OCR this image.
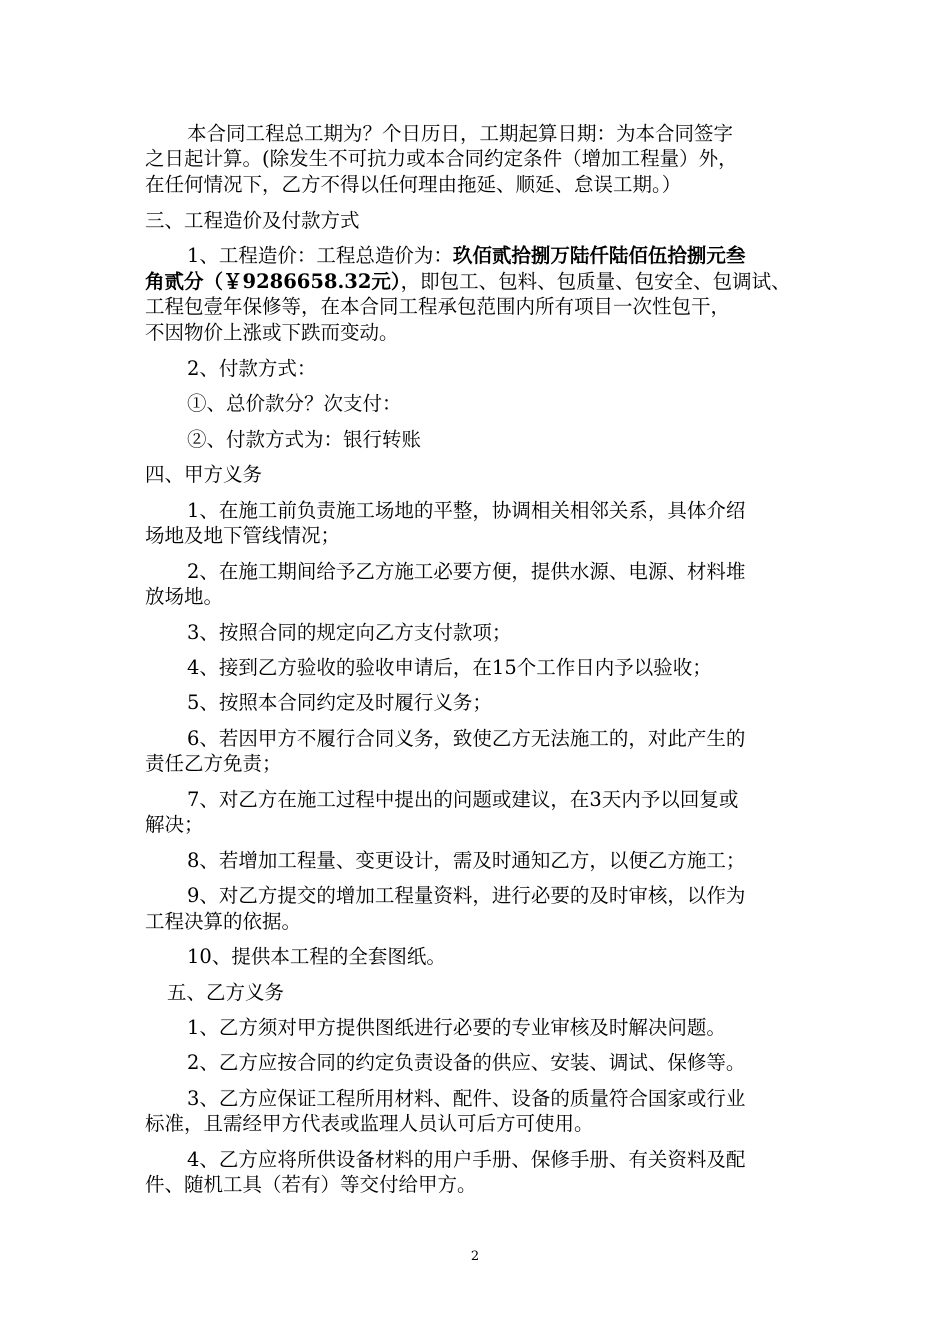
本合同工程总工期为？个日历日，工期起算日期：为本合同签字
之日起计算。(除发生不可抗力或本合同约定条件（增加工程量）外，
在任何情况下，乙方不得以任何理由拖延、顺延、怠误工期。）
三、工程造价及付款方式
1、工程造价：工程总造价为：玖佰贰拾捌万陆仟陆佰伍拾捌元叁
角贰分（￥9286658.32元），即包工、包料、包质量、包安全、包调试、
工程包壹年保修等，在本合同工程承包范围内所有项目一次性包干，
不因物价上涨或下跌而变动。
2、付款方式：
①、总价款分？次支付：
②、付款方式为：银行转账
四、甲方义务
1、在施工前负责施工场地的平整，协调相关相邻关系，具体介绍
场地及地下管线情况；
2、在施工期间给予乙方施工必要方便，提供水源、电源、材料堆
放场地。
3、按照合同的规定向乙方支付款项；
4、接到乙方验收的验收申请后，在15个工作日内予以验收；
5、按照本合同约定及时履行义务；
6、若因甲方不履行合同义务，致使乙方无法施工的，对此产生的
责任乙方免责；
7、对乙方在施工过程中提出的问题或建议，在3天内予以回复或
解决；
8、若增加工程量、变更设计，需及时通知乙方，以便乙方施工；
9、对乙方提交的增加工程量资料，进行必要的及时审核，以作为
工程决算的依据。
10、提供本工程的全套图纸。
五、乙方义务
1、乙方须对甲方提供图纸进行必要的专业审核及时解决问题。
2、乙方应按合同的约定负责设备的供应、安装、调试、保修等。
3、乙方应保证工程所用材料、配件、设备的质量符合国家或行业
标准，且需经甲方代表或监理人员认可后方可使用。
4、乙方应将所供设备材料的用户手册、保修手册、有关资料及配
件、随机工具（若有）等交付给甲方。
2
